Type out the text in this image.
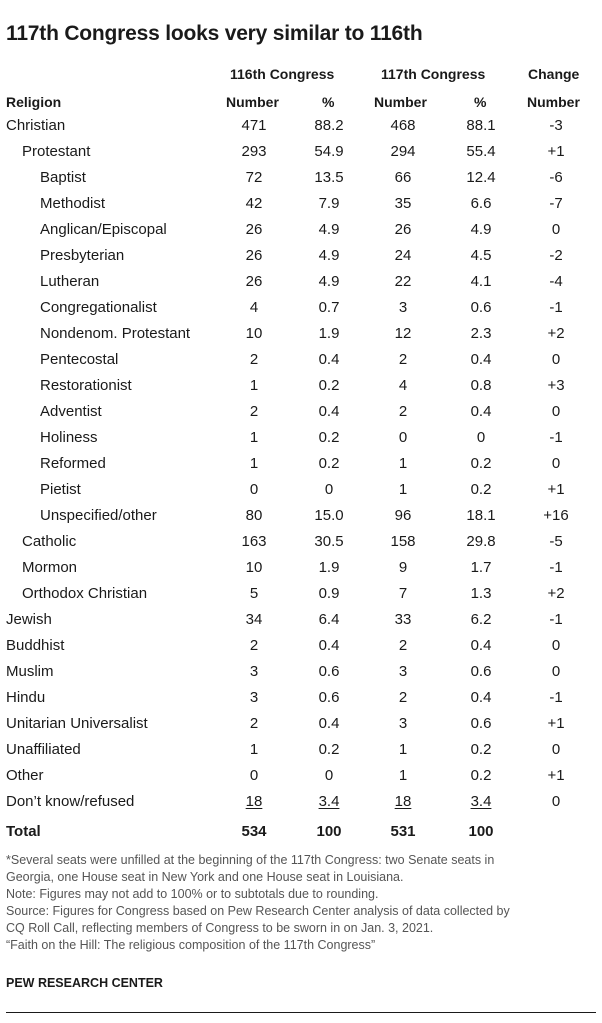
117th Congress looks very similar to 116th
116th Congress	117th Congress	Change
Religion	Number	%	Number	%	Number
Christian	471	88.2	468	88.1	-3
Protestant	293	54.9	294	55.4	+1
Baptist	72	13.5	66	12.4	-6
Methodist	42	7.9	35	6.6	-7
Anglican/Episcopal	26	4.9	26	4.9	0
Presbyterian	26	4.9	24	4.5	-2
Lutheran	26	4.9	22	4.1	-4
Congregationalist	4	0.7	3	0.6	-1
Nondenom. Protestant	10	1.9	12	2.3	+2
Pentecostal	2	0.4	2	0.4	0
Restorationist	1	0.2	4	0.8	+3
Adventist	2	0.4	2	0.4	0
Holiness	1	0.2	0	0	-1
Reformed	1	0.2	1	0.2	0
Pietist	0	0	1	0.2	+1
Unspecified/other	80	15.0	96	18.1	+16
Catholic	163	30.5	158	29.8	-5
Mormon	10	1.9	9	1.7	-1
Orthodox Christian	5	0.9	7	1.3	+2
Jewish	34	6.4	33	6.2	-1
Buddhist	2	0.4	2	0.4	0
Muslim	3	0.6	3	0.6	0
Hindu	3	0.6	2	0.4	-1
Unitarian Universalist	2	0.4	3	0.6	+1
Unaffiliated	1	0.2	1	0.2	0
Other	0	0	1	0.2	+1
Don’t know/refused	18	3.4	18	3.4	0
Total	534	100	531	100
*Several seats were unfilled at the beginning of the 117th Congress: two Senate seats in
Georgia, one House seat in New York and one House seat in Louisiana.
Note: Figures may not add to 100% or to subtotals due to rounding.
Source: Figures for Congress based on Pew Research Center analysis of data collected by
CQ Roll Call, reflecting members of Congress to be sworn in on Jan. 3, 2021.
“Faith on the Hill: The religious composition of the 117th Congress”
PEW RESEARCH CENTER
